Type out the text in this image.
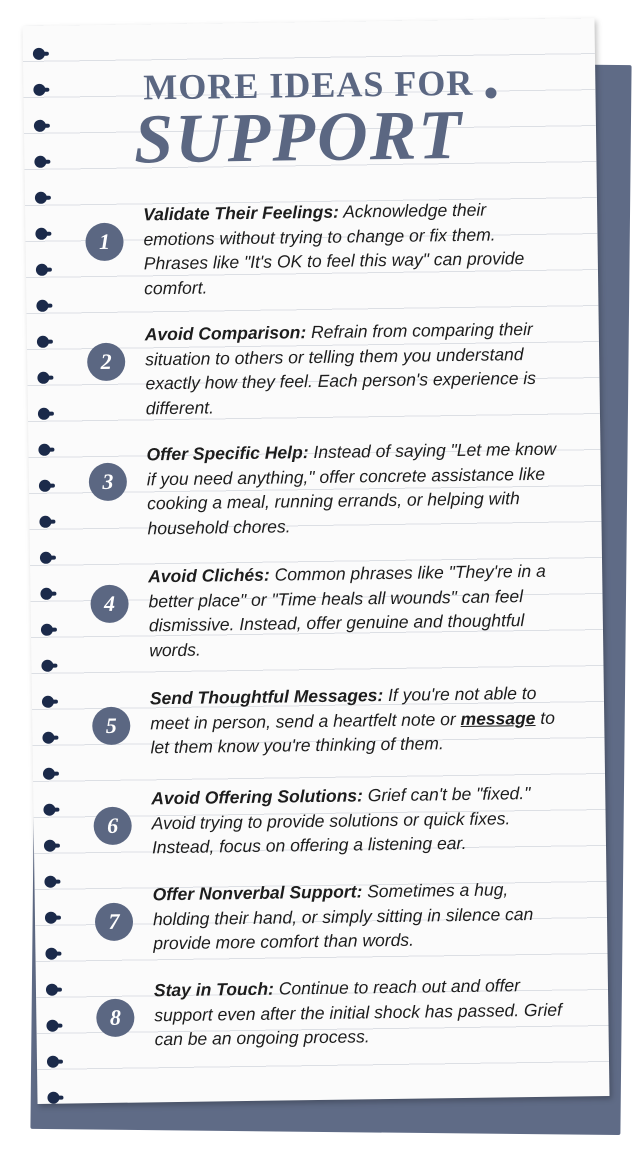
MORE IDEAS FOR
SUPPORT
1
Validate Their Feelings: Acknowledge their emotions without trying to change or fix them. Phrases like "It's OK to feel this way" can provide comfort.
2
Avoid Comparison: Refrain from comparing their situation to others or telling them you understand exactly how they feel. Each person's experience is different.
3
Offer Specific Help: Instead of saying "Let me know if you need anything," offer concrete assistance like cooking a meal, running errands, or helping with household chores.
4
Avoid Clichés: Common phrases like "They're in a better place" or "Time heals all wounds" can feel dismissive. Instead, offer genuine and thoughtful words.
5
Send Thoughtful Messages: If you're not able to meet in person, send a heartfelt note or message to let them know you're thinking of them.
6
Avoid Offering Solutions: Grief can't be "fixed." Avoid trying to provide solutions or quick fixes. Instead, focus on offering a listening ear.
7
Offer Nonverbal Support: Sometimes a hug, holding their hand, or simply sitting in silence can provide more comfort than words.
8
Stay in Touch: Continue to reach out and offer support even after the initial shock has passed. Grief can be an ongoing process.
